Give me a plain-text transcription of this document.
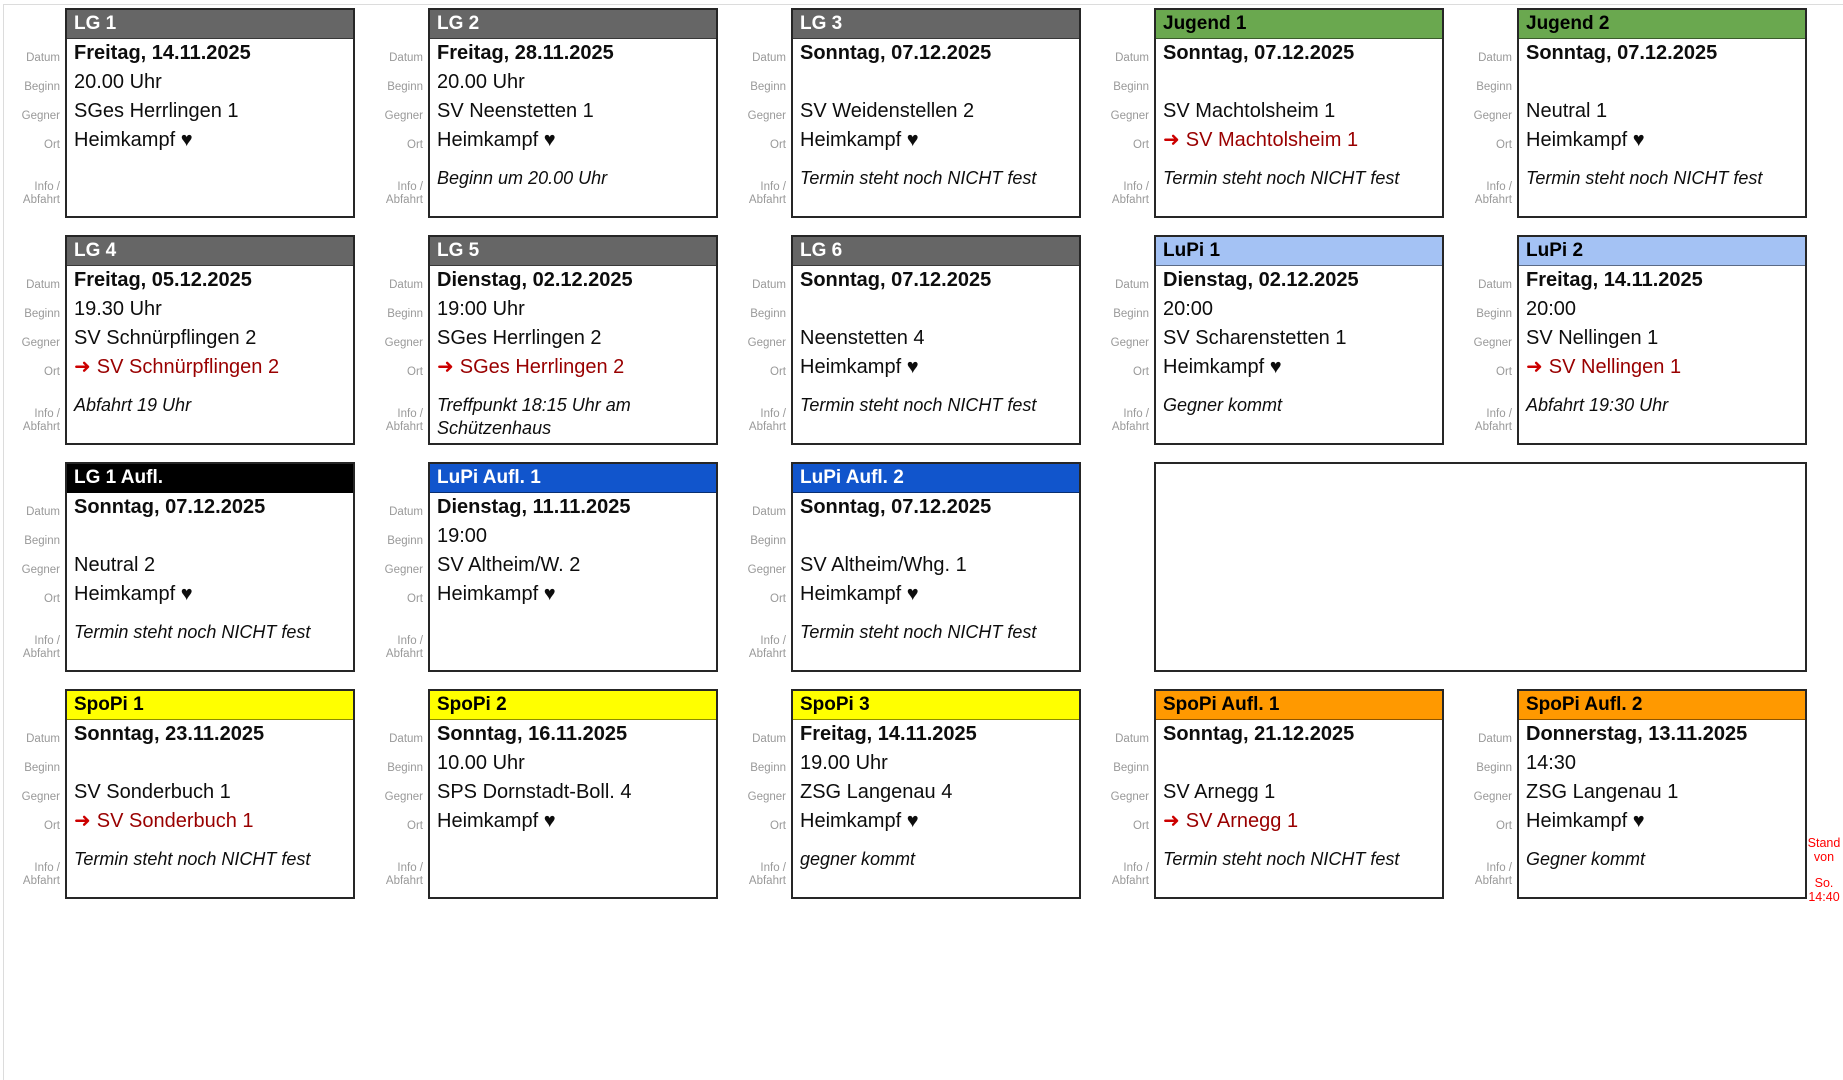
Datum
Beginn
Gegner
Ort
Info /
Abfahrt
LG 1
Freitag, 14.11.2025
20.00 Uhr
SGes Herrlingen 1
Heimkampf ♥
Datum
Beginn
Gegner
Ort
Info /
Abfahrt
LG 2
Freitag, 28.11.2025
20.00 Uhr
SV Neenstetten 1
Heimkampf ♥
Beginn um 20.00 Uhr
Datum
Beginn
Gegner
Ort
Info /
Abfahrt
LG 3
Sonntag, 07.12.2025
SV Weidenstellen 2
Heimkampf ♥
Termin steht noch NICHT fest
Datum
Beginn
Gegner
Ort
Info /
Abfahrt
Jugend 1
Sonntag, 07.12.2025
SV Machtolsheim 1
➜ SV Machtolsheim 1
Termin steht noch NICHT fest
Datum
Beginn
Gegner
Ort
Info /
Abfahrt
Jugend 2
Sonntag, 07.12.2025
Neutral 1
Heimkampf ♥
Termin steht noch NICHT fest
Datum
Beginn
Gegner
Ort
Info /
Abfahrt
LG 4
Freitag, 05.12.2025
19.30 Uhr
SV Schnürpflingen 2
➜ SV Schnürpflingen 2
Abfahrt 19 Uhr
Datum
Beginn
Gegner
Ort
Info /
Abfahrt
LG 5
Dienstag, 02.12.2025
19:00 Uhr
SGes Herrlingen 2
➜ SGes Herrlingen 2
Treffpunkt 18:15 Uhr am Schützenhaus
Datum
Beginn
Gegner
Ort
Info /
Abfahrt
LG 6
Sonntag, 07.12.2025
Neenstetten 4
Heimkampf ♥
Termin steht noch NICHT fest
Datum
Beginn
Gegner
Ort
Info /
Abfahrt
LuPi 1
Dienstag, 02.12.2025
20:00
SV Scharenstetten 1
Heimkampf ♥
Gegner kommt
Datum
Beginn
Gegner
Ort
Info /
Abfahrt
LuPi 2
Freitag, 14.11.2025
20:00
SV Nellingen 1
➜ SV Nellingen 1
Abfahrt 19:30 Uhr
Datum
Beginn
Gegner
Ort
Info /
Abfahrt
LG 1 Aufl.
Sonntag, 07.12.2025
Neutral 2
Heimkampf ♥
Termin steht noch NICHT fest
Datum
Beginn
Gegner
Ort
Info /
Abfahrt
LuPi Aufl. 1
Dienstag, 11.11.2025
19:00
SV Altheim/W. 2
Heimkampf ♥
Datum
Beginn
Gegner
Ort
Info /
Abfahrt
LuPi Aufl. 2
Sonntag, 07.12.2025
SV Altheim/Whg. 1
Heimkampf ♥
Termin steht noch NICHT fest
Datum
Beginn
Gegner
Ort
Info /
Abfahrt
SpoPi 1
Sonntag, 23.11.2025
SV Sonderbuch 1
➜ SV Sonderbuch 1
Termin steht noch NICHT fest
Datum
Beginn
Gegner
Ort
Info /
Abfahrt
SpoPi 2
Sonntag, 16.11.2025
10.00 Uhr
SPS Dornstadt-Boll. 4
Heimkampf ♥
Datum
Beginn
Gegner
Ort
Info /
Abfahrt
SpoPi 3
Freitag, 14.11.2025
19.00 Uhr
ZSG Langenau 4
Heimkampf ♥
gegner kommt
Datum
Beginn
Gegner
Ort
Info /
Abfahrt
SpoPi Aufl. 1
Sonntag, 21.12.2025
SV Arnegg 1
➜ SV Arnegg 1
Termin steht noch NICHT fest
Datum
Beginn
Gegner
Ort
Info /
Abfahrt
SpoPi Aufl. 2
Donnerstag, 13.11.2025
14:30
ZSG Langenau 1
Heimkampf ♥
Gegner kommt
Stand
von
So.
14:40
